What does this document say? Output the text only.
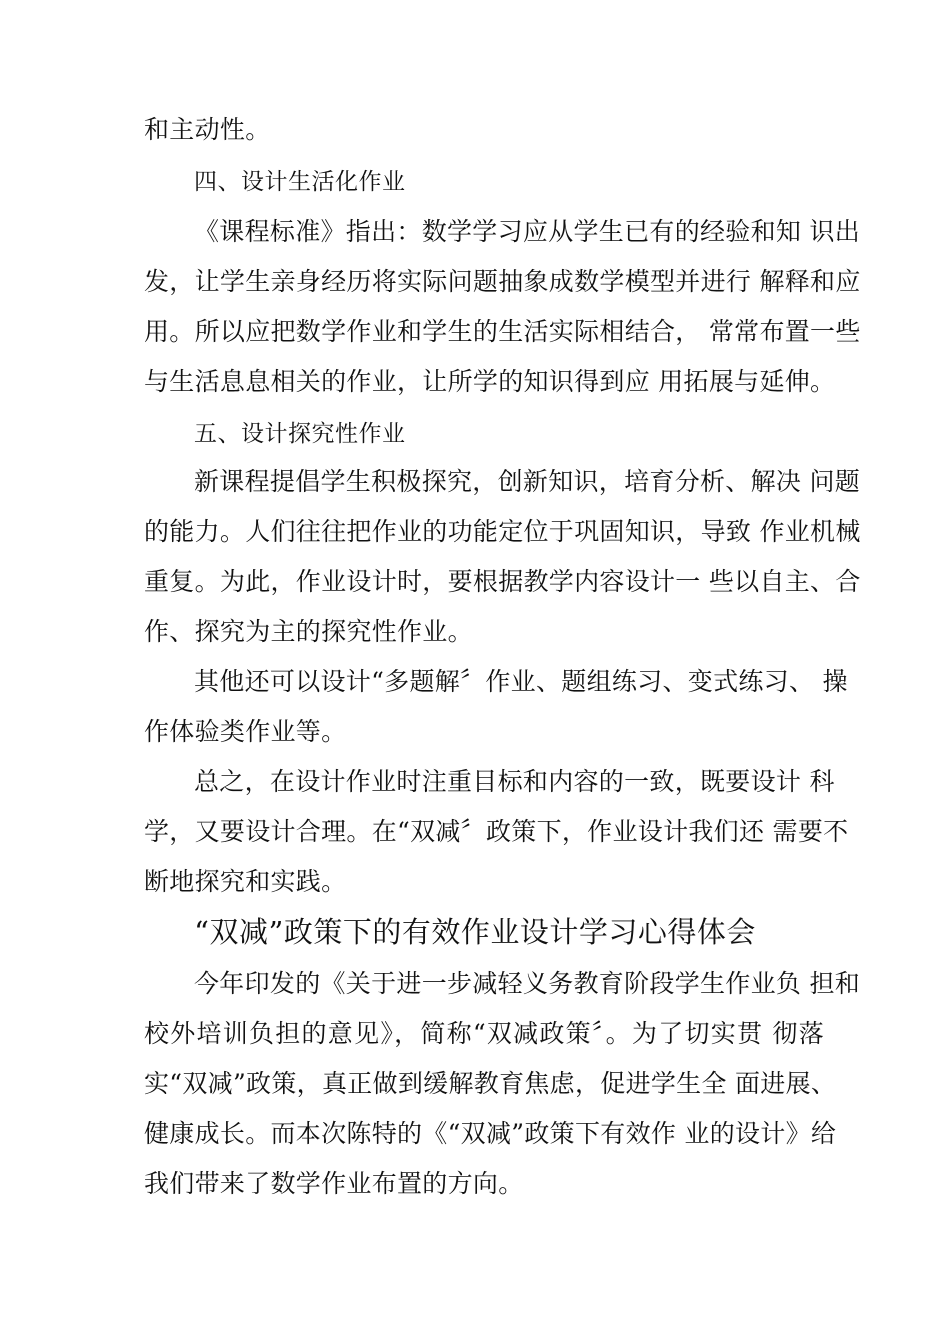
和主动性。
四、设计生活化作业
《课程标准》指出：数学学习应从学生已有的经验和知 识出
发，让学生亲身经历将实际问题抽象成数学模型并进行 解释和应
用。所以应把数学作业和学生的生活实际相结合， 常常布置一些
与生活息息相关的作业，让所学的知识得到应 用拓展与延伸。
五、设计探究性作业
新课程提倡学生积极探究，创新知识，培育分析、解决 问题
的能力。人们往往把作业的功能定位于巩固知识，导致 作业机械
重复。为此，作业设计时，要根据教学内容设计一 些以自主、合
作、探究为主的探究性作业。
其他还可以设计“多题解〞作业、题组练习、变式练习、 操
作体验类作业等。
总之，在设计作业时注重目标和内容的一致，既要设计 科
学，又要设计合理。在“双减〞政策下，作业设计我们还 需要不
断地探究和实践。
“双减”政策下的有效作业设计学习心得体会
今年印发的《关于进一步减轻义务教育阶段学生作业负 担和
校外培训负担的意见》，简称“双减政策〞。为了切实贯 彻落
实“双减”政策，真正做到缓解教育焦虑，促进学生全 面进展、
健康成长。而本次陈特的《“双减”政策下有效作 业的设计》给
我们带来了数学作业布置的方向。
